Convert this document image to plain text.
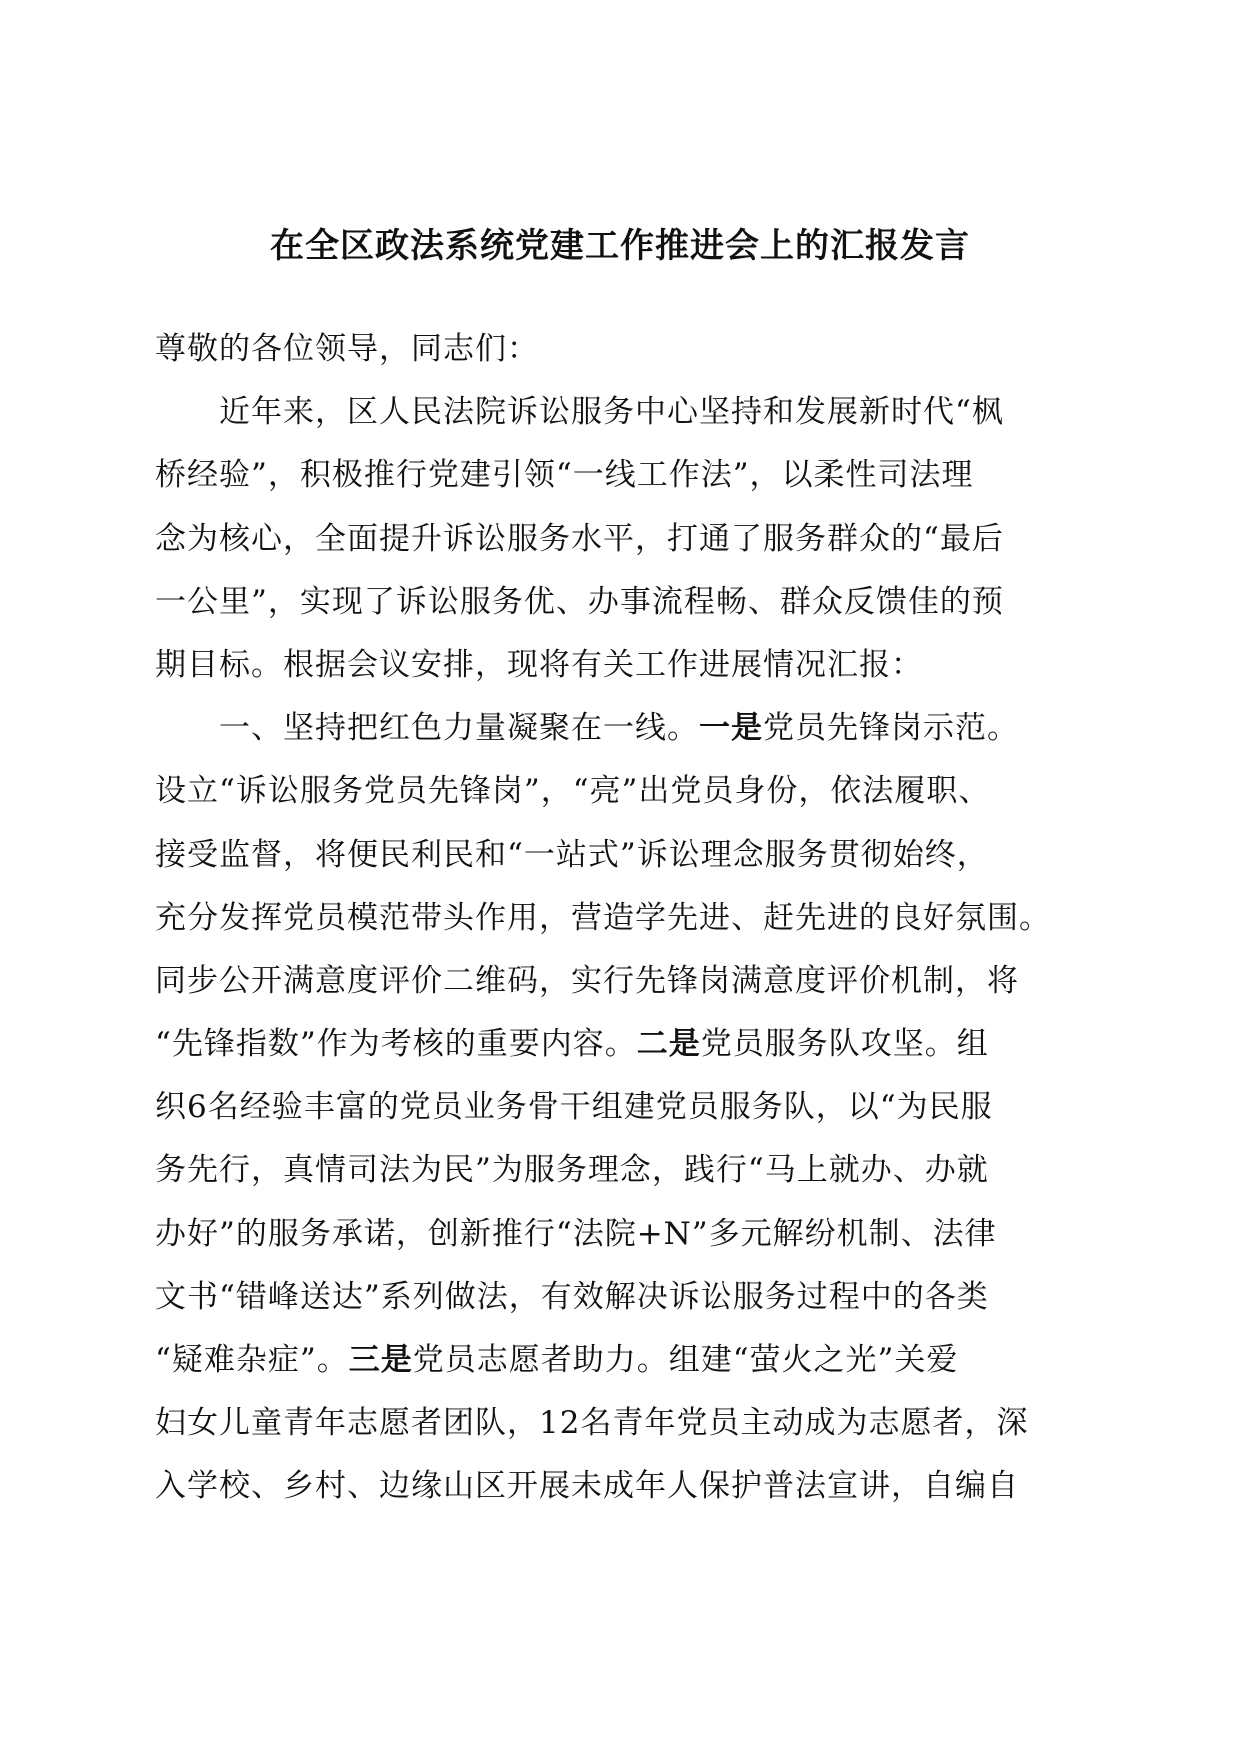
在全区政法系统党建工作推进会上的汇报发言
尊敬的各位领导，同志们：
近年来，区人民法院诉讼服务中心坚持和发展新时代“枫
桥经验”，积极推行党建引领“一线工作法”，以柔性司法理
念为核心，全面提升诉讼服务水平，打通了服务群众的“最后
一公里”，实现了诉讼服务优、办事流程畅、群众反馈佳的预
期目标。根据会议安排，现将有关工作进展情况汇报：
一、坚持把红色力量凝聚在一线。一是党员先锋岗示范。
设立“诉讼服务党员先锋岗”，“亮”出党员身份，依法履职、
接受监督，将便民利民和“一站式”诉讼理念服务贯彻始终，
充分发挥党员模范带头作用，营造学先进、赶先进的良好氛围。
同步公开满意度评价二维码，实行先锋岗满意度评价机制，将
“先锋指数”作为考核的重要内容。二是党员服务队攻坚。组
织6名经验丰富的党员业务骨干组建党员服务队，以“为民服
务先行，真情司法为民”为服务理念，践行“马上就办、办就
办好”的服务承诺，创新推行“法院+N”多元解纷机制、法律
文书“错峰送达”系列做法，有效解决诉讼服务过程中的各类
“疑难杂症”。三是党员志愿者助力。组建“萤火之光”关爱
妇女儿童青年志愿者团队，12名青年党员主动成为志愿者，深
入学校、乡村、边缘山区开展未成年人保护普法宣讲，自编自
